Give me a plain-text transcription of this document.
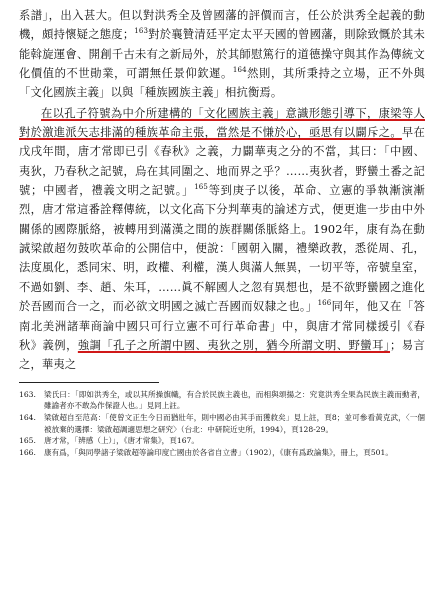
系譜」，出入甚大。但以對洪秀全及曾國藩的評價而言，任公於洪秀全起義的動機，頗持懷疑之態度；$^{163}$對於襄贊清廷平定太平天國的曾國藩，則除致慨於其未能斡旋運會、開創千古未有之新局外，於其師慰篤行的道德操守與其作為傳統文化價值的不世勛業，可謂無任景仰欽遲。$^{164}$然則，其所秉持之立場，正不外與「文化國族主義」以與「種族國族主義」相抗衡焉。

在以孔子符號為中介所建構的「文化國族主義」意識形態引導下，康梁等人對於激進派矢志排滿的種族革命主張，當然是不慊於心，亟思有以闢斥之。早在戊戌年間，唐才常即已引《春秋》之義，力闢華夷之分的不當，其曰：「中國、夷狄，乃春秋之記號，烏在其同圍之、地而界之乎？……夷狄者，野蠻土番之記號；中國者，禮義文明之記號。」$^{165}$等到庚子以後，革命、立憲的爭執漸演漸烈，唐才常這番詮釋傳統，以文化高下分判華夷的論述方式，便更進一步由中外關係的國際脈絡，被轉用到滿漢之間的族群關係脈絡上。1902年，康有為在動誠梁啟超勿鼓吹革命的公開信中，便說：「國朝入關，禮樂政教，悉從周、孔，法度風化，悉同宋、明，政權、利權，漢人與滿人無異，一切平等，帝號皇室，不過如劉、李、趙、朱耳，……眞不解國人之忽有異想也，是不欲野蠻國之進化於吾國而合一之，而必欲文明國之滅亡吾國而奴隸之也。」$^{166}$同年，他又在「答南北美洲諸華商論中國只可行立憲不可行革命書」中，與唐才常同樣援引《春秋》義例，強調「孔子之所謂中國、夷狄之別，猶今所謂文明、野蠻耳」；易言之，華夷之

163.	梁氏曰：「即如洪秀全，或以其所操旗幟，有合於民族主義也，而相與頌揚之：究竟洪秀全果為民族主義而動者，雖諭者亦不敢為作保證人也。」見同上註。
164.	梁啟超自至范高：「使曾文正生今日而猶壯年，則中國必由其手而獲救矣」見上註，頁8；並可參看黃克武，〈一個被放棄的選擇：梁啟超調適思想之研究〉（台北：中研院近史所，1994），頁128-29。
165.	唐才常，「辨感（上）」，《唐才常集》，頁167。
166.	康有爲，「與同學諸子梁啟超等論印度亡國由於各省自立書」（1902），《康有爲政論集》，冊上，頁501。
